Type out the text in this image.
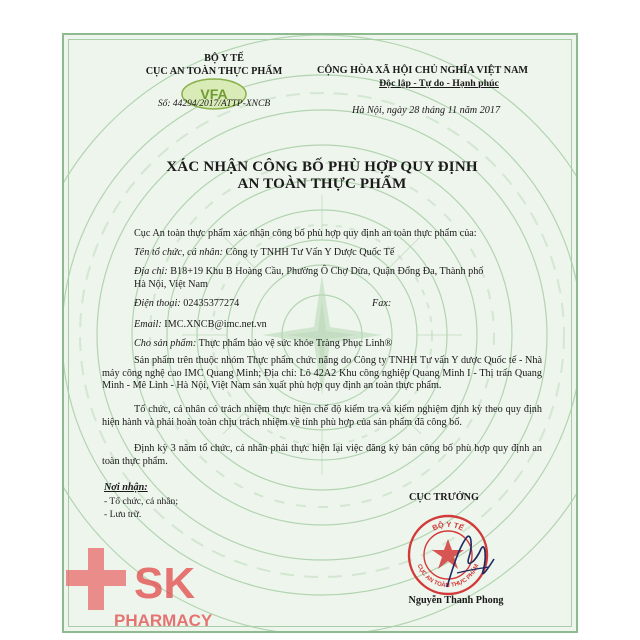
BỘ Y TẾ
CỤC AN TOÀN THỰC PHẨM
VFA
Số: 44294/2017/ATTP-XNCB
CỘNG HÒA XÃ HỘI CHỦ NGHĨA VIỆT NAM
Độc lập - Tự do - Hạnh phúc
Hà Nội, ngày 28 tháng 11 năm 2017
XÁC NHẬN CÔNG BỐ PHÙ HỢP QUY ĐỊNH
AN TOÀN THỰC PHẨM
Cục An toàn thực phẩm xác nhận công bố phù hợp quy định an toàn thực phẩm của:
Tên tổ chức, cá nhân: Công ty TNHH Tư Vấn Y Dược Quốc Tế
Địa chỉ: B18+19 Khu B Hoàng Cầu, Phường Ô Chợ Dừa, Quận Đống Đa, Thành phố
Hà Nội, Việt Nam
Điện thoại: 02435377274	Fax:
Email: IMC.XNCB@imc.net.vn
Cho sản phẩm: Thực phẩm bảo vệ sức khỏe Tràng Phục Linh®
Sản phẩm trên thuộc nhóm Thực phẩm chức năng do Công ty TNHH Tư vấn Y dược Quốc tế - Nhà máy công nghệ cao IMC Quang Minh; Địa chỉ: Lô 42A2 Khu công nghiệp Quang Minh I - Thị trấn Quang Minh - Mê Linh - Hà Nội, Việt Nam sản xuất phù hợp quy định an toàn thực phẩm.
Tổ chức, cá nhân có trách nhiệm thực hiện chế độ kiểm tra và kiểm nghiệm định kỳ theo quy định hiện hành và phải hoàn toàn chịu trách nhiệm về tính phù hợp của sản phẩm đã công bố.
Định kỳ 3 năm tổ chức, cá nhân phải thực hiện lại việc đăng ký bản công bố phù hợp quy định an toàn thực phẩm.
Nơi nhận:
- Tổ chức, cá nhân;
- Lưu trữ.
CỤC TRƯỞNG
BỘ Y TẾ
CỤC AN TOÀN THỰC PHẨM
Nguyễn Thanh Phong
SK
PHARMACY
